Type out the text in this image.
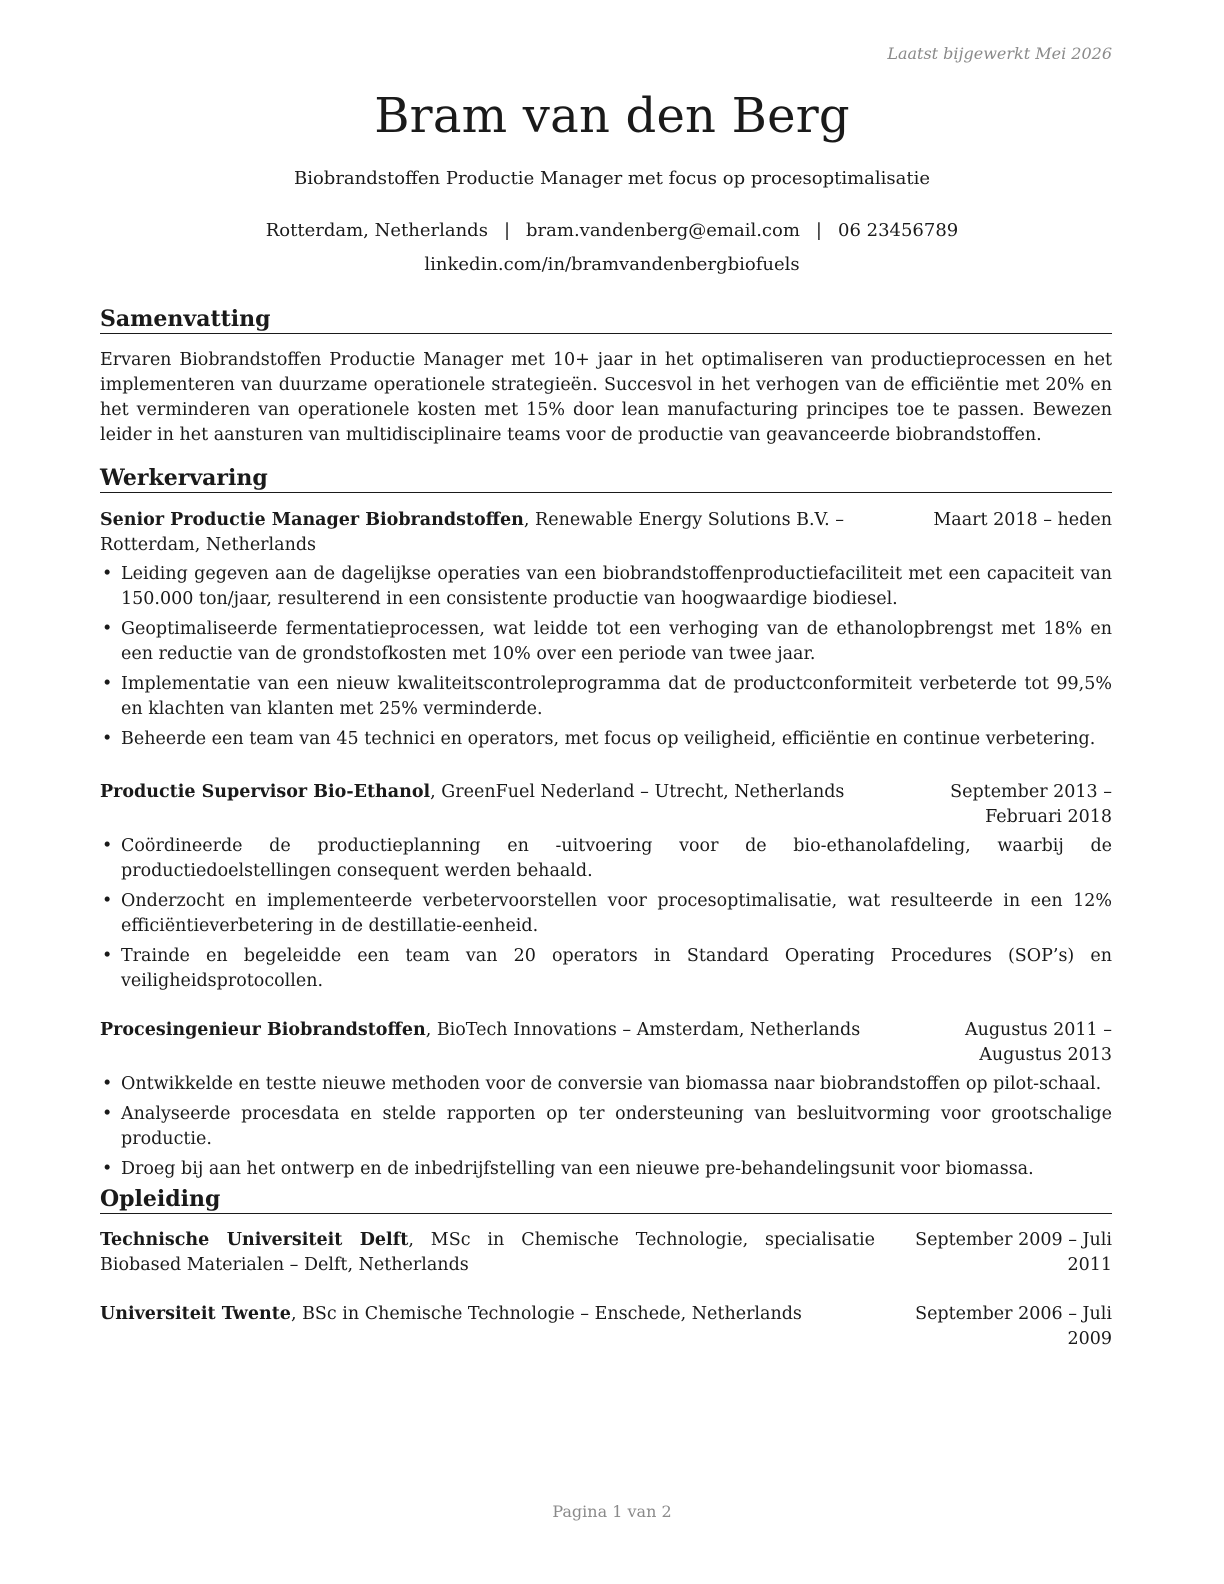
Laatst bijgewerkt Mei 2026
Bram van den Berg
Biobrandstoffen Productie Manager met focus op procesoptimalisatie
Rotterdam, Netherlands | bram.vandenberg@email.com | 06 23456789
linkedin.com/in/bramvandenbergbiofuels
Samenvatting
Ervaren Biobrandstoffen Productie Manager met 10+ jaar in het optimaliseren van productieprocessen en het implementeren van duurzame operationele strategieën. Succesvol in het verhogen van de efficiëntie met 20% en het verminderen van operationele kosten met 15% door lean manufacturing principes toe te passen. Bewezen leider in het aansturen van multidisciplinaire teams voor de productie van geavanceerde biobrandstoffen.
Werkervaring
Senior Productie Manager Biobrandstoffen, Renewable Energy Solutions B.V. – Rotterdam, Netherlands
Maart 2018 – heden
• Leiding gegeven aan de dagelijkse operaties van een biobrandstoffenproductiefaciliteit met een capaciteit van 150.000 ton/jaar, resulterend in een consistente productie van hoogwaardige biodiesel.
• Geoptimaliseerde fermentatieprocessen, wat leidde tot een verhoging van de ethanolopbrengst met 18% en een reductie van de grondstofkosten met 10% over een periode van twee jaar.
• Implementatie van een nieuw kwaliteitscontroleprogramma dat de productconformiteit verbeterde tot 99,5% en klachten van klanten met 25% verminderde.
• Beheerde een team van 45 technici en operators, met focus op veiligheid, efficiëntie en continue verbetering.
Productie Supervisor Bio-Ethanol, GreenFuel Nederland – Utrecht, Netherlands	September 2013 – Februari 2018
• Coördineerde de productieplanning en -uitvoering voor de bio-ethanolafdeling, waarbij de productiedoelstellingen consequent werden behaald.
• Onderzocht en implementeerde verbetervoorstellen voor procesoptimalisatie, wat resulteerde in een 12% efficiëntieverbetering in de destillatie-eenheid.
• Trainde en begeleidde een team van 20 operators in Standard Operating Procedures (SOP’s) en veiligheidsprotocollen.
Procesingenieur Biobrandstoffen, BioTech Innovations – Amsterdam, Netherlands	Augustus 2011 – Augustus 2013
• Ontwikkelde en testte nieuwe methoden voor de conversie van biomassa naar biobrandstoffen op pilot-schaal.
• Analyseerde procesdata en stelde rapporten op ter ondersteuning van besluitvorming voor grootschalige productie.
• Droeg bij aan het ontwerp en de inbedrijfstelling van een nieuwe pre-behandelingsunit voor biomassa.
Opleiding
Technische Universiteit Delft, MSc in Chemische Technologie, specialisatie Biobased Materialen – Delft, Netherlands
September 2009 – Juli 2011
Universiteit Twente, BSc in Chemische Technologie – Enschede, Netherlands	September 2006 – Juli 2009
Pagina 1 van 2
